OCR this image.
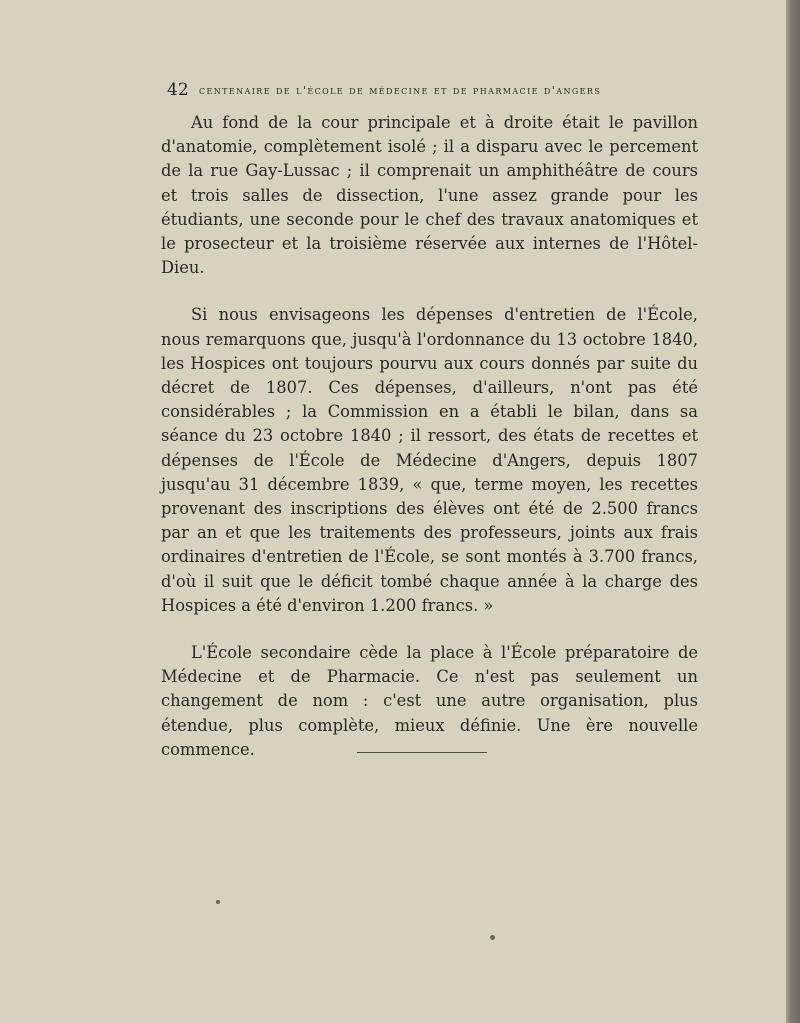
42 centenaire de l'école de médecine et de pharmacie d'angers

Au fond de la cour principale et à droite était le pavillon d'anatomie, complètement isolé ; il a disparu avec le percement de la rue Gay-Lussac ; il comprenait un amphithéâtre de cours et trois salles de dissection, l'une assez grande pour les étudiants, une seconde pour le chef des travaux anatomiques et le prosecteur et la troisième réservée aux internes de l'Hôtel-Dieu.

Si nous envisageons les dépenses d'entretien de l'École, nous remarquons que, jusqu'à l'ordonnance du 13 octobre 1840, les Hospices ont toujours pourvu aux cours donnés par suite du décret de 1807. Ces dépenses, d'ailleurs, n'ont pas été considérables ; la Commission en a établi le bilan, dans sa séance du 23 octobre 1840 ; il ressort, des états de recettes et dépenses de l'École de Médecine d'Angers, depuis 1807 jusqu'au 31 décembre 1839, « que, terme moyen, les recettes provenant des inscriptions des élèves ont été de 2.500 francs par an et que les traitements des professeurs, joints aux frais ordinaires d'entretien de l'École, se sont montés à 3.700 francs, d'où il suit que le déficit tombé chaque année à la charge des Hospices a été d'environ 1.200 francs. »

L'École secondaire cède la place à l'École préparatoire de Médecine et de Pharmacie. Ce n'est pas seulement un changement de nom : c'est une autre organisation, plus étendue, plus complète, mieux définie. Une ère nouvelle commence.
